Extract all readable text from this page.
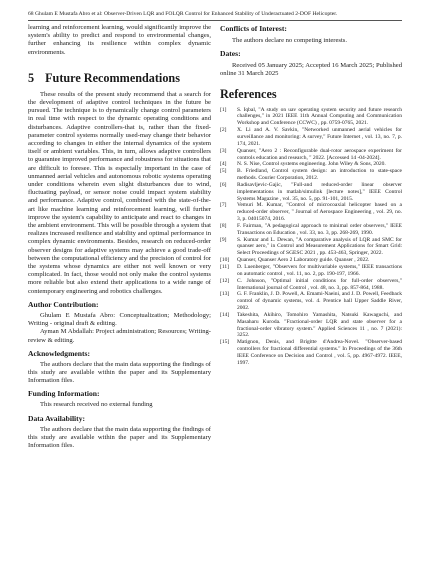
68 Ghulam E Mustafa Abro et al: Observer-Driven LQR and FOLQR Control for Enhanced Stability of Underactuated 2-DOF Helicopter.

learning and reinforcement learning, would significantly improve the system's ability to predict and respond to environmental changes, further enhancing its resilience within complex dynamic environments.

5 Future Recommendations

These results of the present study recommend that a search for the development of adaptive control techniques in the future be pursued. The technique is to dynamically change control parameters in real time with respect to the dynamic operating conditions and disturbances. Adaptive controllers-that is, rather than the fixed-parameter control systems normally used-may change their behavior according to changes in either the internal dynamics of the system itself or ambient variables. This, in turn, allows adaptive controllers to guarantee improved performance and robustness for situations that are difficult to foresee. This is especially important in the case of unmanned aerial vehicles and autonomous robotic systems operating under conditions wherein even slight disturbances due to wind, fluctuating payload, or sensor noise could impact system stability and performance. Adaptive control, combined with the state-of-the-art like machine learning and reinforcement learning, will further improve the system's capability to anticipate and react to changes in the ambient environment. This will be possible through a system that realizes increased resilience and stability and optimal performance in complex dynamic environments. Besides, research on reduced-order observer designs for adaptive systems may achieve a good trade-off between the computational efficiency and the precision of control for the systems whose dynamics are either not well known or very complicated. In fact, those would not only make the control systems more reliable but also extend their applications to a wide range of contemporary engineering and robotics challenges.

Author Contribution:

Ghulam E Mustafa Abro: Conceptualization; Methodology; Writing - original draft & editing.

Ayman M Abdallah: Project administration; Resources; Writing-review & editing.

Acknowledgments:

The authors declare that the main data supporting the findings of this study are available within the paper and its Supplementary Information files.

Funding Information:

This research received no external funding

Data Availability:

The authors declare that the main data supporting the findings of this study are available within the paper and its Supplementary Information files.

Conflicts of Interest:

The authors declare no competing interests.

Dates:

Received 05 January 2025; Accepted 16 March 2025; Published online 31 March 2025

References
[1]	S. Iqbal, "A study on uav operating system security and future research challenges," in 2021 IEEE 11th Annual Computing and Communication Workshop and Conference (CCWC) , pp. 0759-0765, 2021.
[2]	X. Li and A. V. Savkin, "Networked unmanned aerial vehicles for surveillance and monitoring: A survey," Future Internet , vol. 13, no. 7, p. 174, 2021.
[3]	Quanser, "Aero 2 : Reconfigurable dual-rotor aerospace experiment for controls education and research, " 2022. [Accessed 14 -04-2024].
[4]	N. S. Nise, Control systems engineering. John Wiley & Sons, 2020.
[5]	B. Friedland, Control system design: an introduction to state-space methods. Courier Corporation, 2012.
[6]	Radisavljevic-Gajic, "Full-and reduced-order linear observer implementations in matlab/simulink [lecture notes]," IEEE Control Systems Magazine , vol. 35, no. 5, pp. 91-101, 2015.
[7]	Vemuri M. Kumar, "Control of microcoaxial helicopter based on a reduced-order observer, " Journal of Aerospace Engineering , vol. 29, no. 3, p. 04015074, 2016.
[8]	F. Fairman, "A pedagogical approach to minimal order observers," IEEE Transactions on Education , vol. 33, no. 3, pp. 268-269, 1990.
[9]	S. Kumar and L. Dewan, "A comparative analysis of LQR and SMC for quanser aero," in Control and Measurement Applications for Smart Grid: Select Proceedings of SGESC 2021 , pp. 453-463, Springer, 2022.
[10]	Quanser, Quanser Aero 2 Laboratory guide. Quanser , 2022.
[11]	D. Luenberger, "Observers for multivariable systems," IEEE transactions on automatic control , vol. 11, no. 2, pp. 190-197, 1966.
[12]	C. Johnson, "Optimal initial conditions for full-order observers," International journal of Control , vol. 48, no. 3, pp. 857-864, 1988.
[13]	G. F. Franklin, J. D. Powell, A. Emami-Naeini, and J. D. Powell, Feedback control of dynamic systems, vol. 4. Prentice hall Upper Saddle River, 2002.
[14]	Takeshita, Akihiro, Tomohiro Yamashita, Natsuki Kawaguchi, and Masaharu Kuroda. "Fractional-order LQR and state observer for a fractional-order vibratory system." Applied Sciences 11 , no. 7 (2021): 3252.
[15]	Matignon, Denis, and Brigitte d'Andrea-Novel. "Observer-based controllers for fractional differential systems." In Proceedings of the 36th IEEE Conference on Decision and Control , vol. 5, pp. 4967-4972. IEEE, 1997.
